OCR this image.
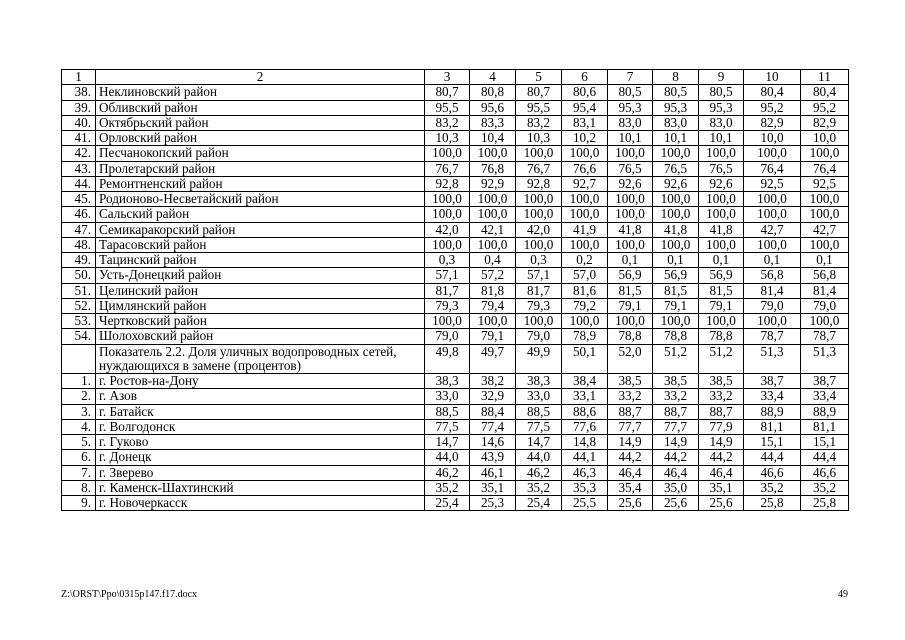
1	2	3	4	5	6	7	8	9	10	11
38.	Неклиновский район	80,7	80,8	80,7	80,6	80,5	80,5	80,5	80,4	80,4
39.	Обливский район	95,5	95,6	95,5	95,4	95,3	95,3	95,3	95,2	95,2
40.	Октябрьский район	83,2	83,3	83,2	83,1	83,0	83,0	83,0	82,9	82,9
41.	Орловский район	10,3	10,4	10,3	10,2	10,1	10,1	10,1	10,0	10,0
42.	Песчанокопский район	100,0	100,0	100,0	100,0	100,0	100,0	100,0	100,0	100,0
43.	Пролетарский район	76,7	76,8	76,7	76,6	76,5	76,5	76,5	76,4	76,4
44.	Ремонтненский район	92,8	92,9	92,8	92,7	92,6	92,6	92,6	92,5	92,5
45.	Родионово-Несветайский район	100,0	100,0	100,0	100,0	100,0	100,0	100,0	100,0	100,0
46.	Сальский район	100,0	100,0	100,0	100,0	100,0	100,0	100,0	100,0	100,0
47.	Семикаракорский район	42,0	42,1	42,0	41,9	41,8	41,8	41,8	42,7	42,7
48.	Тарасовский район	100,0	100,0	100,0	100,0	100,0	100,0	100,0	100,0	100,0
49.	Тацинский район	0,3	0,4	0,3	0,2	0,1	0,1	0,1	0,1	0,1
50.	Усть-Донецкий район	57,1	57,2	57,1	57,0	56,9	56,9	56,9	56,8	56,8
51.	Целинский район	81,7	81,8	81,7	81,6	81,5	81,5	81,5	81,4	81,4
52.	Цимлянский район	79,3	79,4	79,3	79,2	79,1	79,1	79,1	79,0	79,0
53.	Чертковский район	100,0	100,0	100,0	100,0	100,0	100,0	100,0	100,0	100,0
54.	Шолоховский район	79,0	79,1	79,0	78,9	78,8	78,8	78,8	78,7	78,7
	Показатель 2.2. Доля уличных водопроводных сетей, нуждающихся в замене (процентов)	49,8	49,7	49,9	50,1	52,0	51,2	51,2	51,3	51,3
1.	г. Ростов-на-Дону	38,3	38,2	38,3	38,4	38,5	38,5	38,5	38,7	38,7
2.	г. Азов	33,0	32,9	33,0	33,1	33,2	33,2	33,2	33,4	33,4
3.	г. Батайск	88,5	88,4	88,5	88,6	88,7	88,7	88,7	88,9	88,9
4.	г. Волгодонск	77,5	77,4	77,5	77,6	77,7	77,7	77,9	81,1	81,1
5.	г. Гуково	14,7	14,6	14,7	14,8	14,9	14,9	14,9	15,1	15,1
6.	г. Донецк	44,0	43,9	44,0	44,1	44,2	44,2	44,2	44,4	44,4
7.	г. Зверево	46,2	46,1	46,2	46,3	46,4	46,4	46,4	46,6	46,6
8.	г. Каменск-Шахтинский	35,2	35,1	35,2	35,3	35,4	35,0	35,1	35,2	35,2
9.	г. Новочеркасск	25,4	25,3	25,4	25,5	25,6	25,6	25,6	25,8	25,8
Z:\ORST\Ppo\0315p147.f17.docx	49
